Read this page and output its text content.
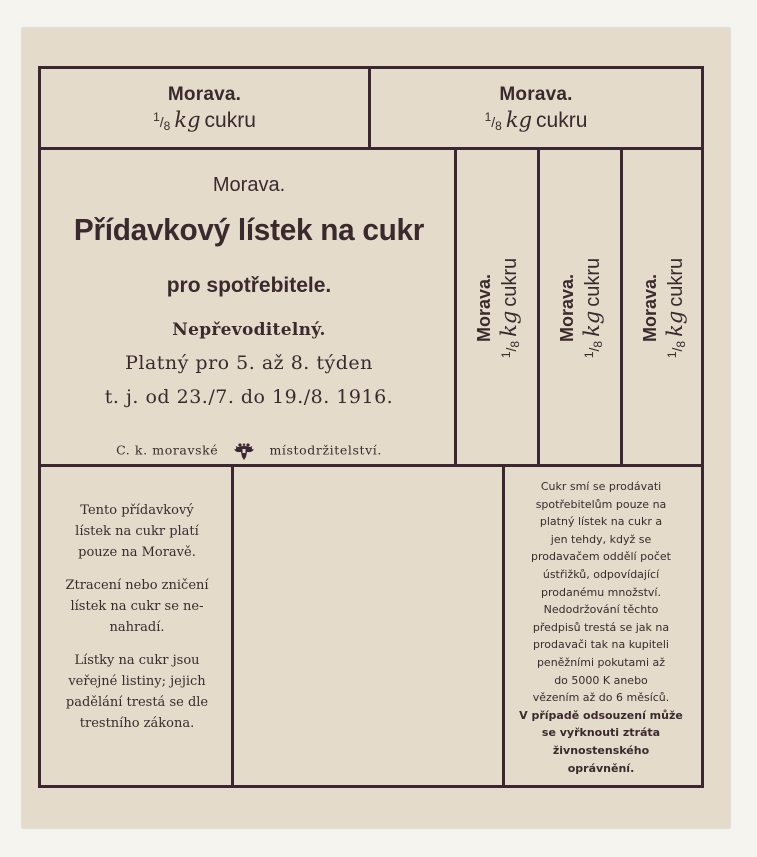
Morava.
$^1/_8$ kg cukru
Morava.
$^1/_8$ kg cukru
Morava.
Přídavkový lístek na cukr
pro spotřebitele.
Nepřevoditelný.
Platný pro 5. až 8. týden
t. j. od 23./7. do 19./8. 1916.
C. k. moravské	místodržitelství.
Morava.
$^1/_8kgcukru$ Morava.
$^1/_8kgcukru$ Morava.
$^1/_8kgcukru$

Tento přídavkový
lístek na cukr platí
pouze na Moravě.

Ztracení nebo zničení
lístek na cukr se ne-
nahradí.

Lístky na cukr jsou
veřejné listiny; jejich
padělání trestá se dle
trestního zákona.

Cukr smí se prodávati
spotřebitelům pouze na
platný lístek na cukr a
jen tehdy, když se
prodavačem oddělí počet
ústřižků, odpovídající
prodanému množství.
Nedodržování těchto
předpisů trestá se jak na
prodavači tak na kupiteli
peněžními pokutami až
do 5000 K anebo
vězením až do 6 měsíců.
V případě odsouzení může
se vyřknouti ztráta
živnostenského
oprávnění.
